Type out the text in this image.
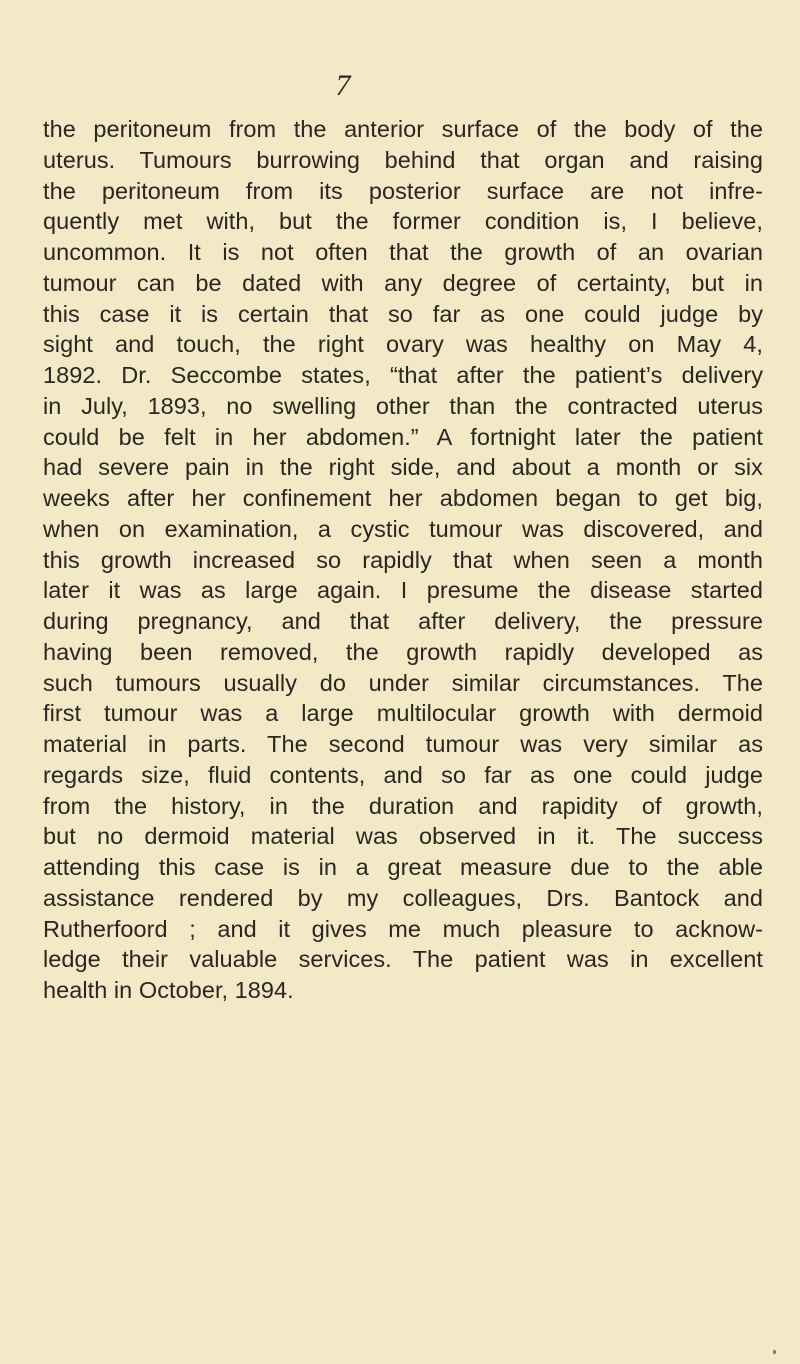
7
the peritoneum from the anterior surface of the body of the
uterus. Tumours burrowing behind that organ and raising
the peritoneum from its posterior surface are not infre-
quently met with, but the former condition is, I believe,
uncommon. It is not often that the growth of an ovarian
tumour can be dated with any degree of certainty, but in
this case it is certain that so far as one could judge by
sight and touch, the right ovary was healthy on May 4,
1892. Dr. Seccombe states, “that after the patient’s delivery
in July, 1893, no swelling other than the contracted uterus
could be felt in her abdomen.” A fortnight later the patient
had severe pain in the right side, and about a month or six
weeks after her confinement her abdomen began to get big,
when on examination, a cystic tumour was discovered, and
this growth increased so rapidly that when seen a month
later it was as large again. I presume the disease started
during pregnancy, and that after delivery, the pressure
having been removed, the growth rapidly developed as
such tumours usually do under similar circumstances. The
first tumour was a large multilocular growth with dermoid
material in parts. The second tumour was very similar as
regards size, fluid contents, and so far as one could judge
from the history, in the duration and rapidity of growth,
but no dermoid material was observed in it. The success
attending this case is in a great measure due to the able
assistance rendered by my colleagues, Drs. Bantock and
Rutherfoord ; and it gives me much pleasure to acknow-
ledge their valuable services. The patient was in excellent
health in October, 1894.
